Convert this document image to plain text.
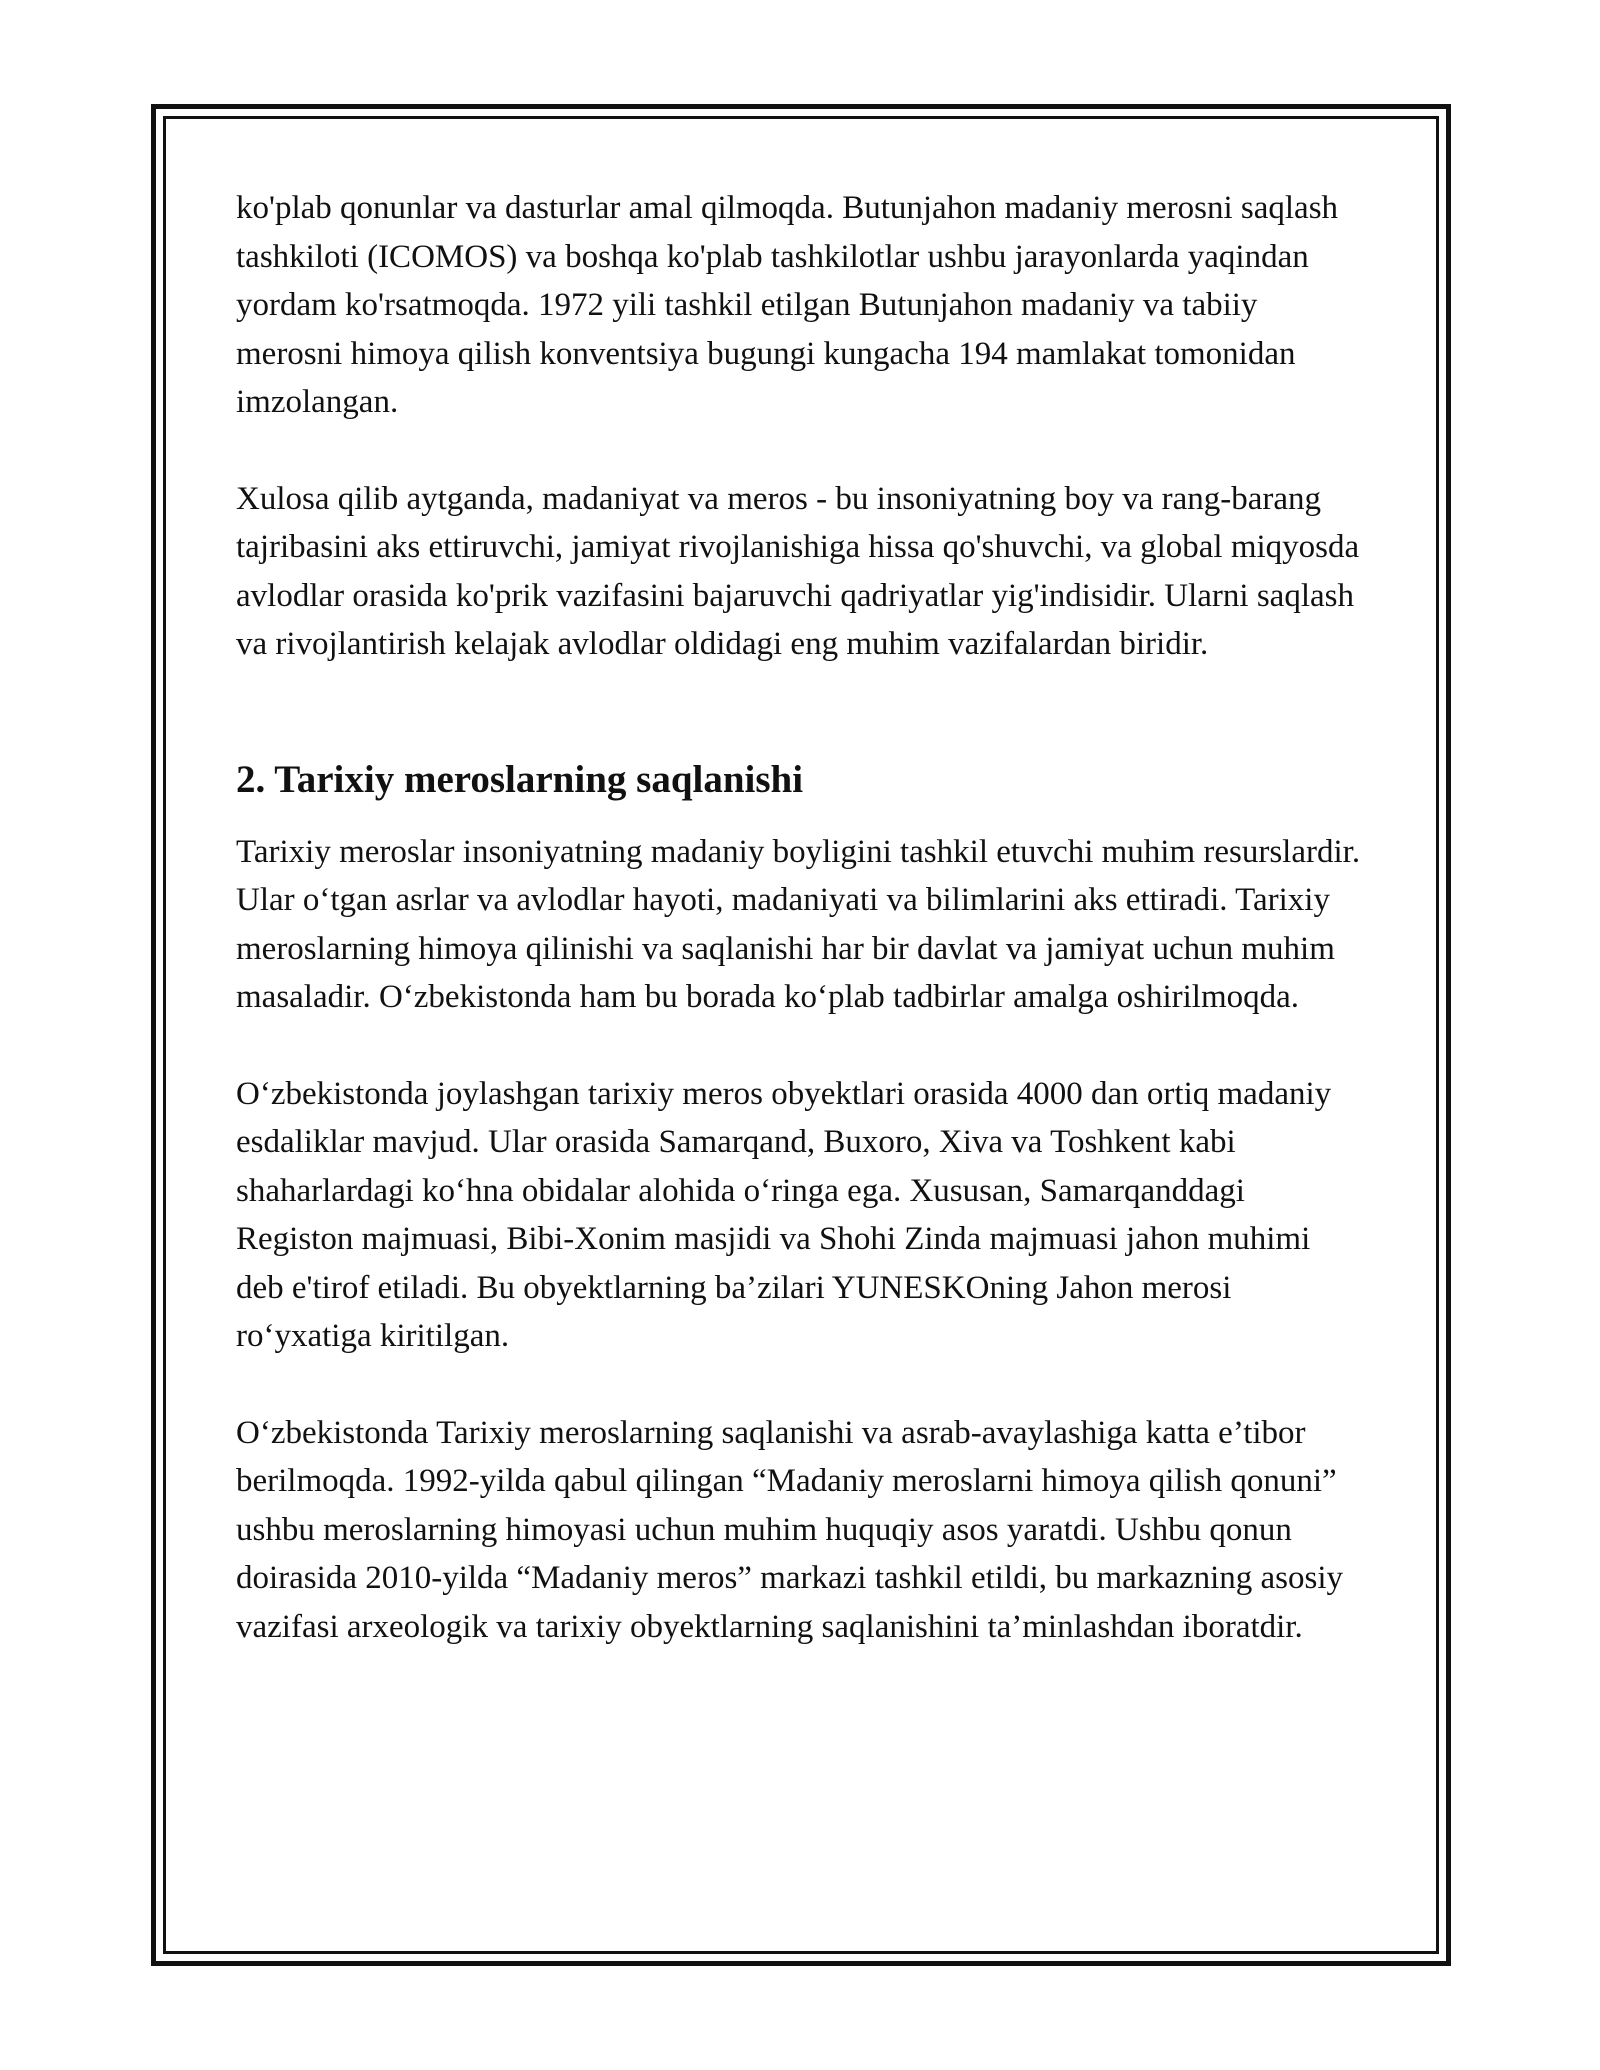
ko'plab qonunlar va dasturlar amal qilmoqda. Butunjahon madaniy merosni saqlash tashkiloti (ICOMOS) va boshqa ko'plab tashkilotlar ushbu jarayonlarda yaqindan yordam ko'rsatmoqda. 1972 yili tashkil etilgan Butunjahon madaniy va tabiiy merosni himoya qilish konventsiya bugungi kungacha 194 mamlakat tomonidan imzolangan.

Xulosa qilib aytganda, madaniyat va meros - bu insoniyatning boy va rang-barang tajribasini aks ettiruvchi, jamiyat rivojlanishiga hissa qo'shuvchi, va global miqyosda avlodlar orasida ko'prik vazifasini bajaruvchi qadriyatlar yig'indisidir. Ularni saqlash va rivojlantirish kelajak avlodlar oldidagi eng muhim vazifalardan biridir.

2. Tarixiy meroslarning saqlanishi

Tarixiy meroslar insoniyatning madaniy boyligini tashkil etuvchi muhim resurslardir. Ular o‘tgan asrlar va avlodlar hayoti, madaniyati va bilimlarini aks ettiradi. Tarixiy meroslarning himoya qilinishi va saqlanishi har bir davlat va jamiyat uchun muhim masaladir. O‘zbekistonda ham bu borada ko‘plab tadbirlar amalga oshirilmoqda.

O‘zbekistonda joylashgan tarixiy meros obyektlari orasida 4000 dan ortiq madaniy esdaliklar mavjud. Ular orasida Samarqand, Buxoro, Xiva va Toshkent kabi shaharlardagi ko‘hna obidalar alohida o‘ringa ega. Xususan, Samarqanddagi Registon majmuasi, Bibi-Xonim masjidi va Shohi Zinda majmuasi jahon muhimi deb e'tirof etiladi. Bu obyektlarning ba’zilari YUNESKOning Jahon merosi ro‘yxatiga kiritilgan.

O‘zbekistonda Tarixiy meroslarning saqlanishi va asrab-avaylashiga katta e’tibor berilmoqda. 1992-yilda qabul qilingan “Madaniy meroslarni himoya qilish qonuni” ushbu meroslarning himoyasi uchun muhim huquqiy asos yaratdi. Ushbu qonun doirasida 2010-yilda “Madaniy meros” markazi tashkil etildi, bu markazning asosiy vazifasi arxeologik va tarixiy obyektlarning saqlanishini ta’minlashdan iboratdir.
